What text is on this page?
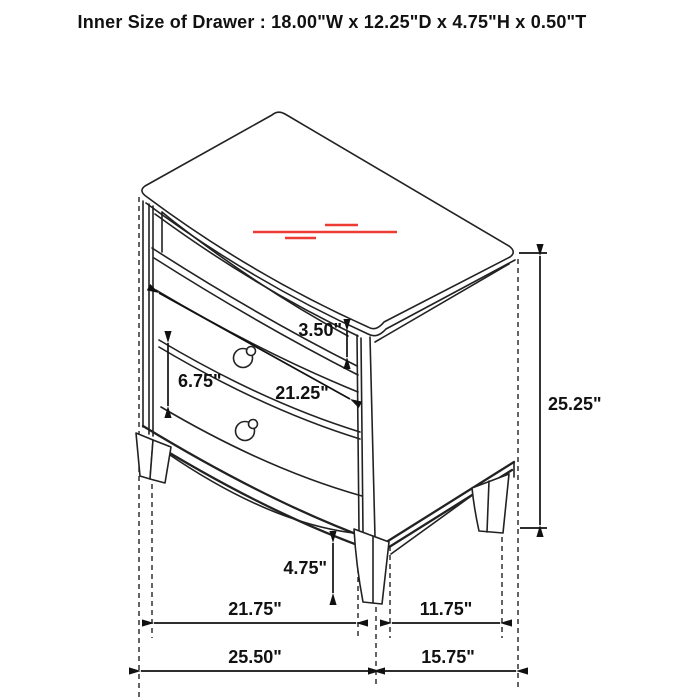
3.50"
6.75"
21.25"
25.25"
4.75"
21.75"	11.75"
25.50"	15.75"
Inner Size of Drawer : 18.00"W x 12.25"D x 4.75"H x 0.50"T
